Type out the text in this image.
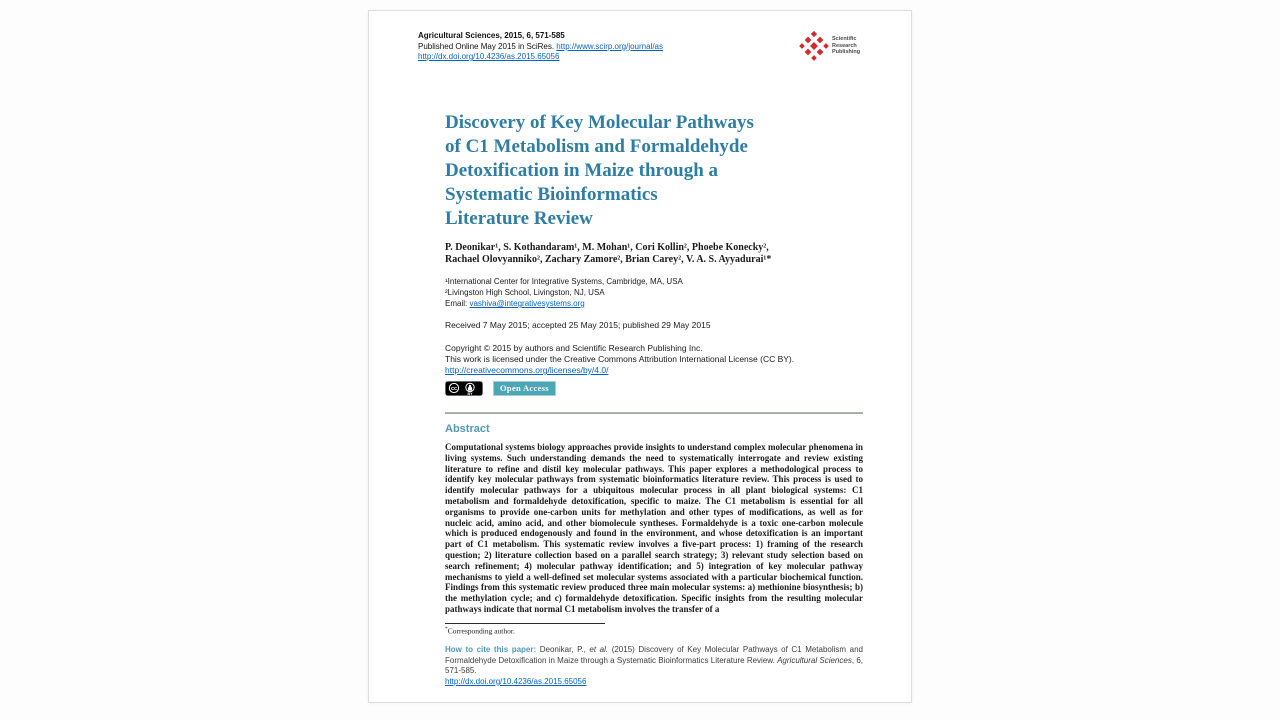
Agricultural Sciences, 2015, 6, 571-585
Published Online May 2015 in SciRes. http://www.scirp.org/journal/as
http://dx.doi.org/10.4236/as.2015.65056
Scientific
Research
Publishing
Discovery of Key Molecular Pathways
of C1 Metabolism and Formaldehyde
Detoxification in Maize through a
Systematic Bioinformatics
Literature Review
P. Deonikar¹, S. Kothandaram¹, M. Mohan¹, Cori Kollin², Phoebe Konecky²,
Rachael Olovyanniko², Zachary Zamore², Brian Carey², V. A. S. Ayyadurai¹*
¹International Center for Integrative Systems, Cambridge, MA, USA
²Livingston High School, Livingston, NJ, USA
Email: vashiva@integrativesystems.org
Received 7 May 2015; accepted 25 May 2015; published 29 May 2015
Copyright © 2015 by authors and Scientific Research Publishing Inc.
This work is licensed under the Creative Commons Attribution International License (CC BY).
http://creativecommons.org/licenses/by/4.0/
cc
BY
Open Access
Abstract
Computational systems biology approaches provide insights to understand complex molecular phenomena in living systems. Such understanding demands the need to systematically interrogate and review existing literature to refine and distil key molecular pathways. This paper explores a methodological process to identify key molecular pathways from systematic bioinformatics literature review. This process is used to identify molecular pathways for a ubiquitous molecular process in all plant biological systems: C1 metabolism and formaldehyde detoxification, specific to maize. The C1 metabolism is essential for all organisms to provide one-carbon units for methylation and other types of modifications, as well as for nucleic acid, amino acid, and other biomolecule syntheses. Formaldehyde is a toxic one-carbon molecule which is produced endogenously and found in the environment, and whose detoxification is an important part of C1 metabolism. This systematic review involves a five-part process: 1) framing of the research question; 2) literature collection based on a parallel search strategy; 3) relevant study selection based on search refinement; 4) molecular pathway identification; and 5) integration of key molecular pathway mechanisms to yield a well-defined set molecular systems associated with a particular biochemical function. Findings from this systematic review produced three main molecular systems: a) methionine biosynthesis; b) the methylation cycle; and c) formaldehyde detoxification. Specific insights from the resulting molecular pathways indicate that normal C1 metabolism involves the transfer of a
*Corresponding author.
How to cite this paper: Deonikar, P., et al. (2015) Discovery of Key Molecular Pathways of C1 Metabolism and Formaldehyde Detoxification in Maize through a Systematic Bioinformatics Literature Review. Agricultural Sciences, 6, 571-585.
http://dx.doi.org/10.4236/as.2015.65056
